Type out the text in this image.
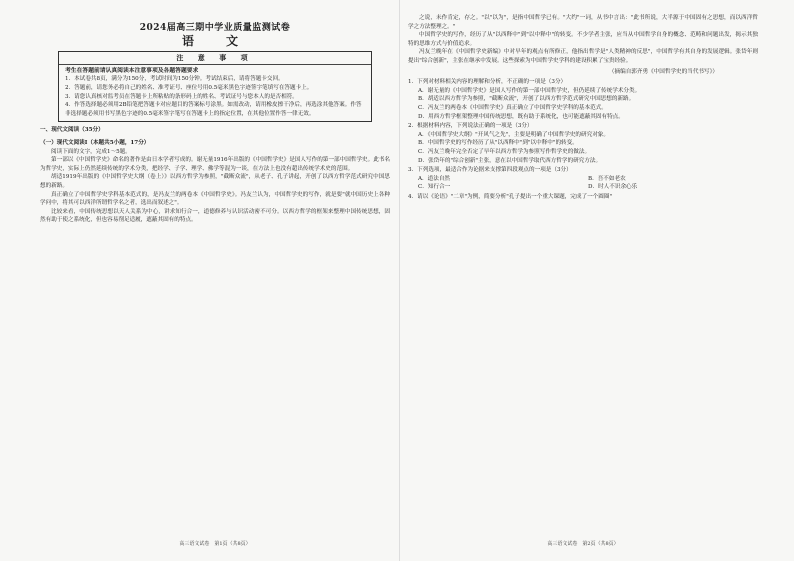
2024届高三期中学业质量监测试卷
语　文
注 意 事 项
考生在答题前请认真阅读本注意事项及各题答题要求

1．本试卷共8页，满分为150分，考试时间为150分钟。考试结束后，请将答题卡交回。

2．答题前，请您务必将自己的姓名、准考证号、座位号用0.5毫米黑色字迹签字笔填写在答题卡上。

3．请您认真核对监考员在答题卡上所粘贴的条形码上的姓名、考试证号与您本人的是否相符。

4．作答选择题必须用2B铅笔把答题卡对应题目的答案标号涂黑。如需改动，请用橡皮擦干净后，再选涂其他答案。作答非选择题必须用书写黑色字迹的0.5毫米签字笔写在答题卡上的指定位置，在其他位置作答一律无效。

一、现代文阅读（35分）
（一）现代文阅读Ⅰ（本题共5小题，17分）

阅读下面的文字，完成1～5题。

第一部以《中国哲学史》命名的著作是由日本学者写成的。谢无量1916年出版的《中国哲学史》是国人写作的第一部中国哲学史。此书名为哲学史，实际上仍然延续传统的学术分类，把经学、子学、理学、佛学等混为一谈，在方法上也没有超出传统学术史的范围。

胡适1919年出版的《中国哲学史大纲（卷上）》以西方哲学为参照，"截断众流"，从老子、孔子讲起，开创了以西方哲学范式研究中国思想的新路。

真正确立了中国哲学史学科基本范式的，是冯友兰的两卷本《中国哲学史》。冯友兰认为，中国哲学史的写作，就是要"就中国历史上各种学问中，将其可以西洋所谓哲学名之者，选出而叙述之"。

比较来看，中国传统思想以天人关系为中心，讲求知行合一，道德修养与认识活动密不可分。以西方哲学的框架来整理中国传统思想，固然有助于使之系统化，但也容易削足适履，遮蔽其固有的特点。

高三语文试卷　第1页（共8页）

之说，未作肯定，存之。"以"以为"，是指中国哲学已有。"大约"一词，从书中言出："此书所说，大半源于中国固有之思想，而以西洋哲学之方法整理之。"

中国哲学史的写作，经历了从"以西释中"到"以中释中"的转变。不少学者主张，应当从中国哲学自身的概念、范畴和问题出发，揭示其独特的思维方式与价值追求。

冯友兰晚年在《中国哲学史新编》中对早年的观点有所修正，他指出哲学是"人类精神的反思"，中国哲学有其自身的发展逻辑。张岱年则提出"综合创新"，主张在继承中发展。这些探索为中国哲学史学科的建设积累了宝贵经验。

（摘编自郭齐勇《中国哲学史的当代书写》）
1．下列对材料相关内容的理解和分析，不正确的一项是（3分）
A．谢无量的《中国哲学史》是国人写作的第一部中国哲学史，但仍延续了传统学术分类。
B．胡适以西方哲学为参照，"截断众流"，开创了以西方哲学范式研究中国思想的新路。
C．冯友兰的两卷本《中国哲学史》真正确立了中国哲学史学科的基本范式。
D．用西方哲学框架整理中国传统思想，既有助于系统化，也可能遮蔽其固有特点。
2．根据材料内容，下列说法正确的一项是（3分）
A．《中国哲学史大纲》"开风气之先"，主要是明确了中国哲学史的研究对象。
B．中国哲学史的写作经历了从"以西释中"到"以中释中"的转变。
C．冯友兰晚年完全否定了早年以西方哲学为参照写作哲学史的做法。
D．张岱年的"综合创新"主张，意在以中国哲学取代西方哲学的研究方法。
3．下列选项，最适合作为论据来支撑第四段观点的一项是（3分）
A．道法自然	B．吾不如老农
C．知行合一	D．时人不识余心乐
4．请以《论语》"二章"为例，简要分析"孔子提出一个重大课题，完成了一个圆圈"
高三语文试卷　第2页（共8页）
